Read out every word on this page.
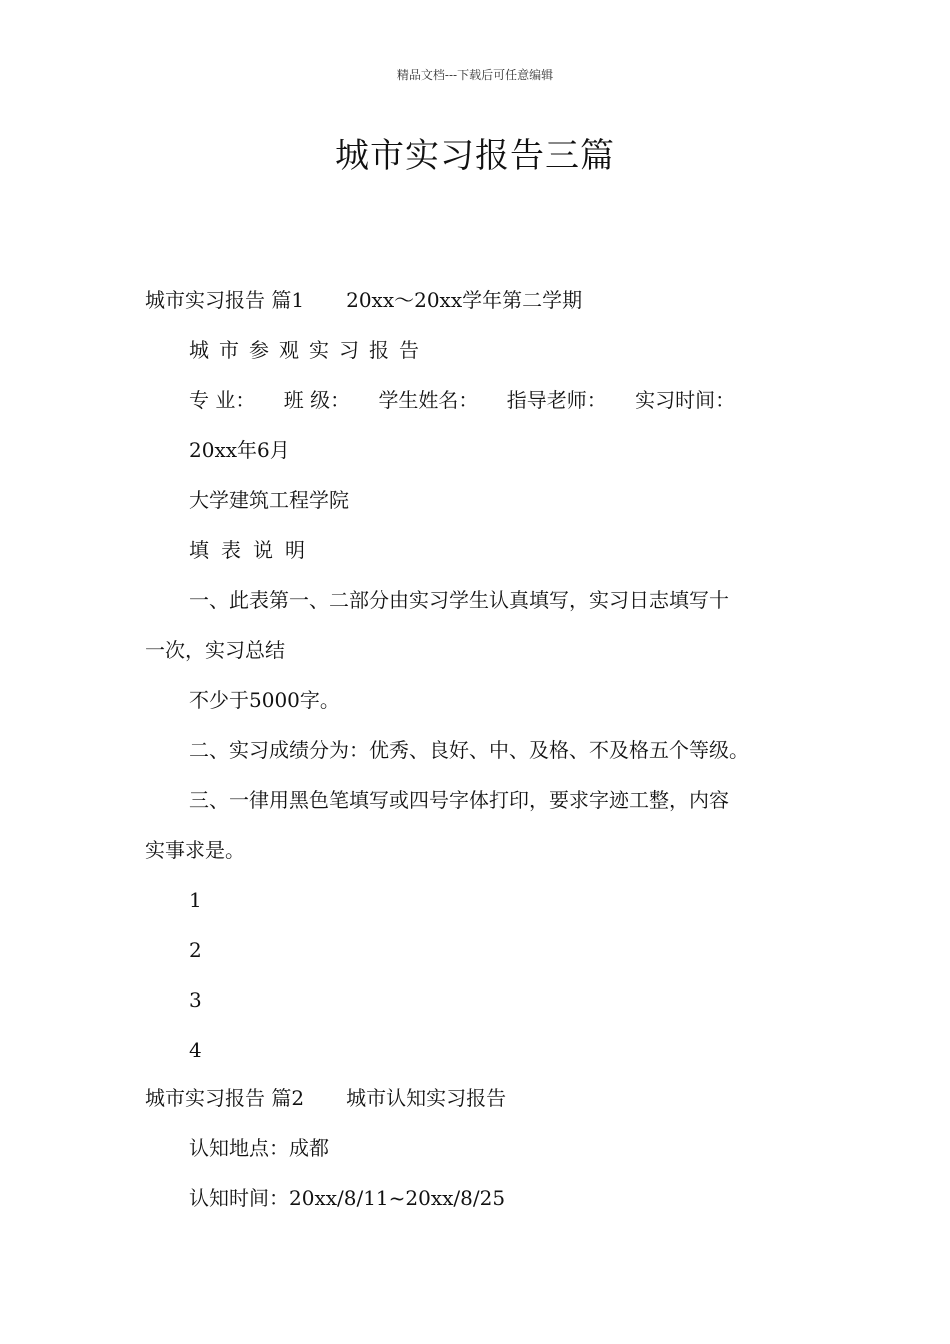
精品文档---下载后可任意编辑
城市实习报告三篇
城市实习报告 篇1 20xx～20xx学年第二学期
城市参观实习报告
专 业： 班 级： 学生姓名： 指导老师： 实习时间：
20xx年6月
大学建筑工程学院
填表说明
一、此表第一、二部分由实习学生认真填写，实习日志填写十
一次，实习总结
不少于5000字。
二、实习成绩分为：优秀、良好、中、及格、不及格五个等级。
三、一律用黑色笔填写或四号字体打印，要求字迹工整，内容
实事求是。
1
2
3
4
城市实习报告 篇2 城市认知实习报告
认知地点：成都
认知时间：20xx/8/11~20xx/8/25
